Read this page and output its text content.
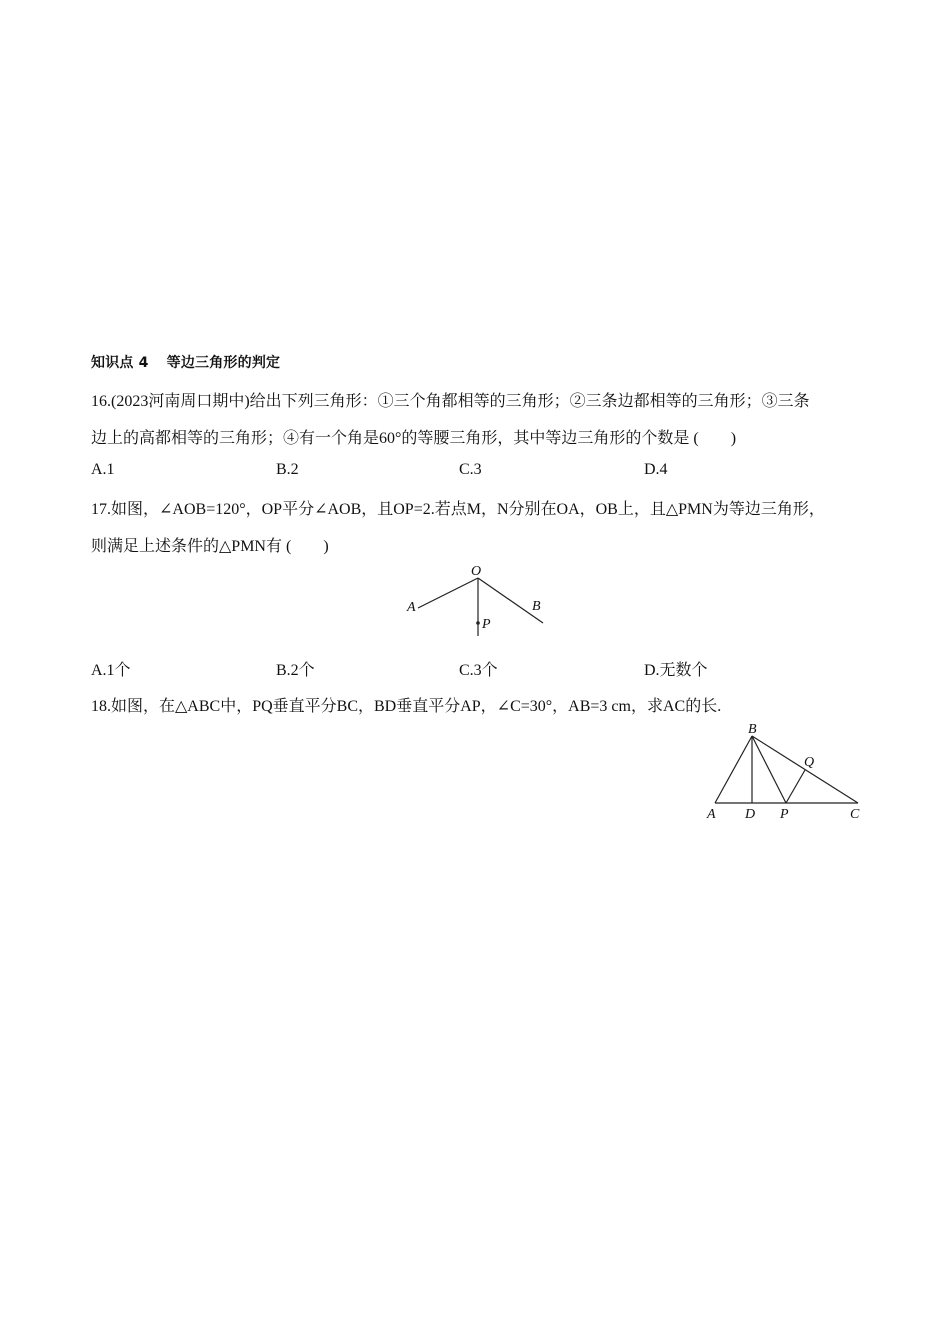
知识点 4 等边三角形的判定
16.(2023河南周口期中)给出下列三角形：①三个角都相等的三角形；②三条边都相等的三角形；③三条
边上的高都相等的三角形；④有一个角是60°的等腰三角形，其中等边三角形的个数是 (　　)
A.1	B.2	C.3	D.4
17.如图，∠AOB=120°，OP平分∠AOB，且OP=2.若点M，N分别在OA，OB上，且△PMN为等边三角形，
则满足上述条件的△PMN有 (　　)
O
A	B
P
A.1个	B.2个	C.3个	D.无数个
18.如图，在△ABC中，PQ垂直平分BC，BD垂直平分AP，∠C=30°，AB=3 cm，求AC的长.
B
Q
A D P	C
